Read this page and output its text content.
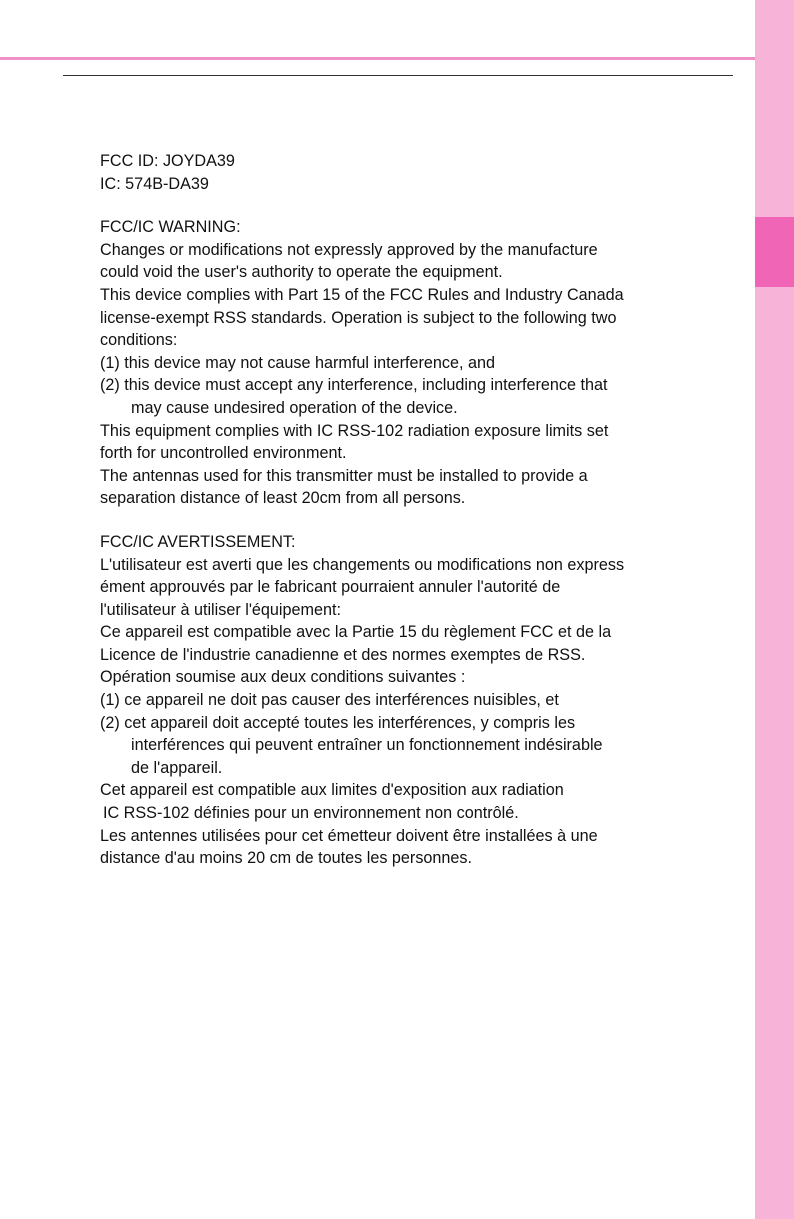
FCC ID: JOYDA39
IC: 574B-DA39
FCC/IC WARNING:
Changes or modifications not expressly approved by the manufacture
could void the user's authority to operate the equipment.
This device complies with Part 15 of the FCC Rules and Industry Canada
license-exempt RSS standards. Operation is subject to the following two
conditions:
(1) this device may not cause harmful interference, and
(2) this device must accept any interference, including interference that
may cause undesired operation of the device.
This equipment complies with IC RSS-102 radiation exposure limits set
forth for uncontrolled environment.
The antennas used for this transmitter must be installed to provide a
separation distance of least 20cm from all persons.
FCC/IC AVERTISSEMENT:
L'utilisateur est averti que les changements ou modifications non express
ément approuvés par le fabricant pourraient annuler l'autorité de
l'utilisateur à utiliser l'équipement:
Ce appareil est compatible avec la Partie 15 du règlement FCC et de la
Licence de l'industrie canadienne et des normes exemptes de RSS.
Opération soumise aux deux conditions suivantes :
(1) ce appareil ne doit pas causer des interférences nuisibles, et
(2) cet appareil doit accepté toutes les interférences, y compris les
interférences qui peuvent entraîner un fonctionnement indésirable
de l'appareil.
Cet appareil est compatible aux limites d'exposition aux radiation
IC RSS-102 définies pour un environnement non contrôlé.
Les antennes utilisées pour cet émetteur doivent être installées à une
distance d'au moins 20 cm de toutes les personnes.
